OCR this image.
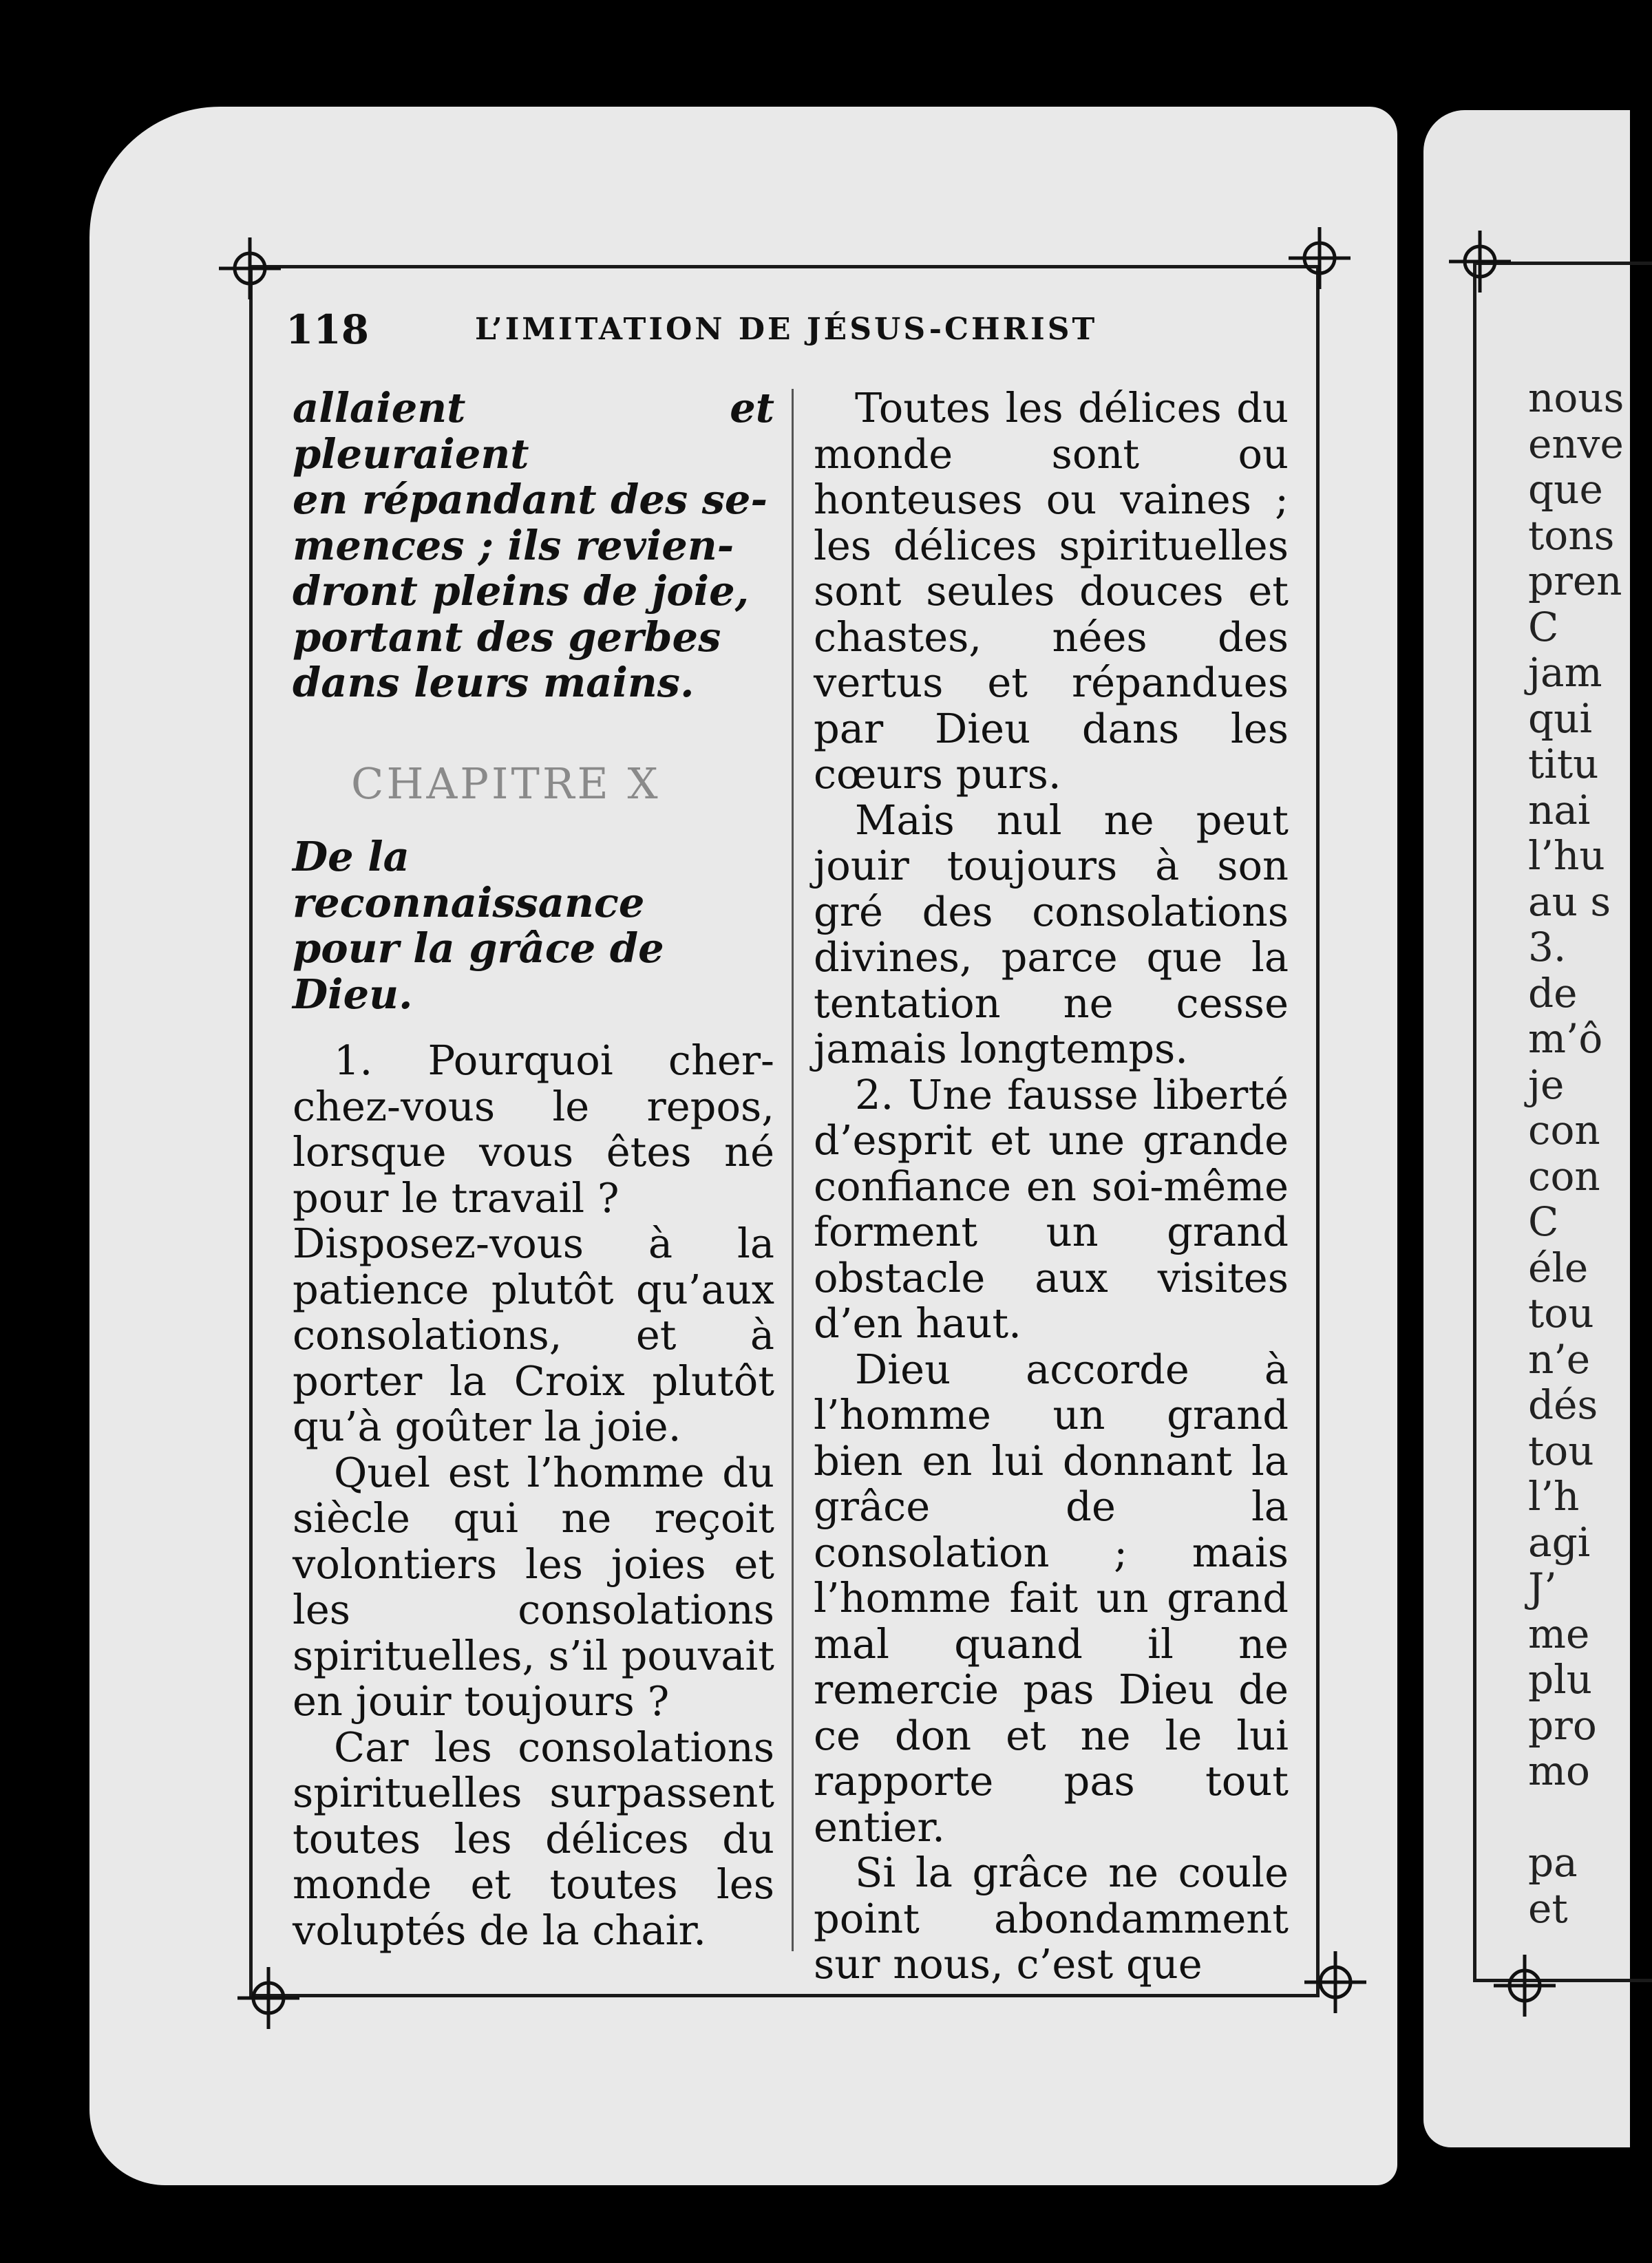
118	L’IMITATION DE JÉSUS-CHRIST
allaient et pleuraient
en répandant des se-
mences ; ils revien-
dront pleins de joie,
portant des gerbes
dans leurs mains.
CHAPITRE X
De la reconnaissance
pour la grâce de Dieu.

1. Pourquoi cher-chez-vous le repos, lorsque vous êtes né pour le travail ?

Disposez-vous à la patience plutôt qu’aux consolations, et à porter la Croix plutôt qu’à goûter la joie.

Quel est l’homme du siècle qui ne reçoit volontiers les joies et les consolations spirituelles, s’il pouvait en jouir toujours ?

Car les consolations spirituelles surpassent toutes les délices du monde et toutes les voluptés de la chair.

Toutes les délices du monde sont ou honteuses ou vaines ; les délices spirituelles sont seules douces et chastes, nées des vertus et répandues par Dieu dans les cœurs purs.

Mais nul ne peut jouir toujours à son gré des consolations divines, parce que la tentation ne cesse jamais longtemps.

2. Une fausse liberté d’esprit et une grande confiance en soi-même forment un grand obstacle aux visites d’en haut.

Dieu accorde à l’homme un grand bien en lui donnant la grâce de la consolation ; mais l’homme fait un grand mal quand il ne remercie pas Dieu de ce don et ne le lui rapporte pas tout entier.

Si la grâce ne coule point abondamment sur nous, c’est que

nous
enve
que
tons
pren
C
jam
qui
titu
nai
l’hu
au s
3.
de
m’ô
je
con
con
C
éle
tou
n’e
dés
tou
l’h
agi
J’
me
plu
pro
mo

pa
et
